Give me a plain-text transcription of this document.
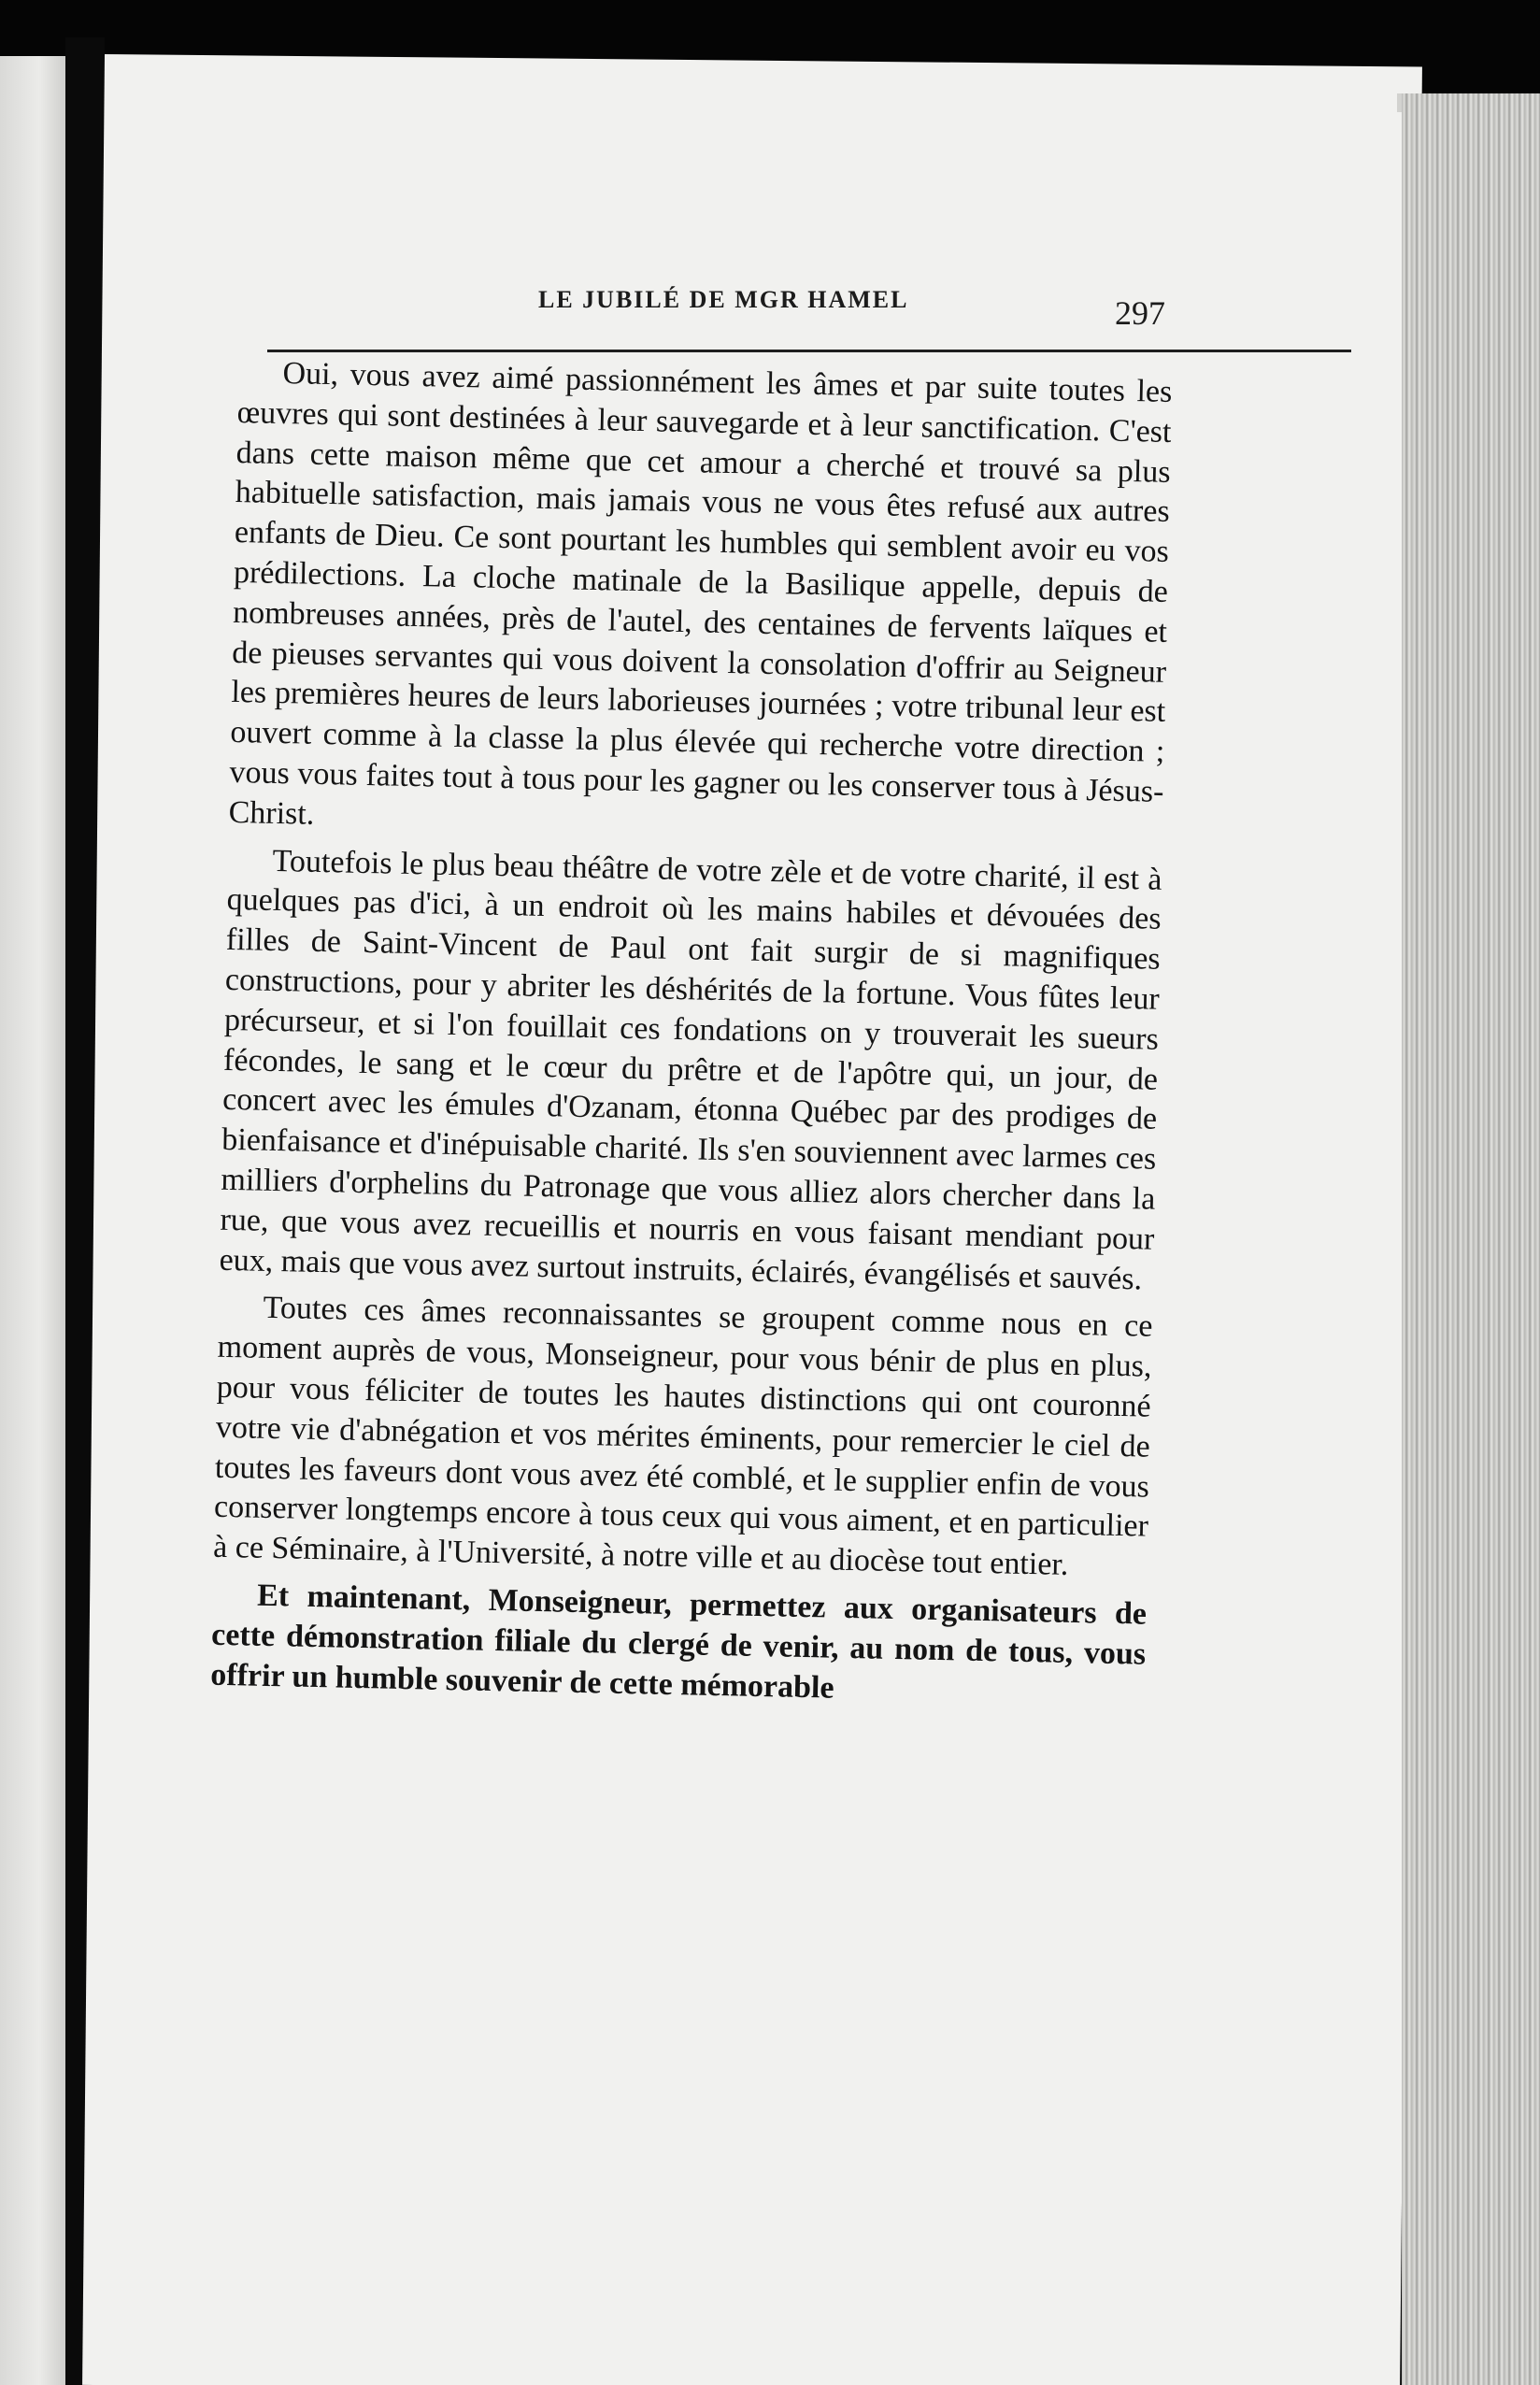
LE JUBILÉ DE MGR HAMEL	297

Oui, vous avez aimé passionnément les âmes et par suite toutes les œuvres qui sont destinées à leur sauvegarde et à leur sanctification. C'est dans cette maison même que cet amour a cherché et trouvé sa plus habituelle satisfaction, mais jamais vous ne vous êtes refusé aux autres enfants de Dieu. Ce sont pourtant les humbles qui semblent avoir eu vos prédilections. La cloche matinale de la Basilique appelle, depuis de nombreuses années, près de l'autel, des centaines de fervents laïques et de pieuses servantes qui vous doivent la consolation d'offrir au Seigneur les premières heures de leurs laborieuses journées ; votre tribunal leur est ouvert comme à la classe la plus élevée qui recherche votre direction ; vous vous faites tout à tous pour les gagner ou les conserver tous à Jésus-Christ.

Toutefois le plus beau théâtre de votre zèle et de votre charité, il est à quelques pas d'ici, à un endroit où les mains habiles et dévouées des filles de Saint-Vincent de Paul ont fait surgir de si magnifiques constructions, pour y abriter les déshérités de la fortune. Vous fûtes leur précurseur, et si l'on fouillait ces fondations on y trouverait les sueurs fécondes, le sang et le cœur du prêtre et de l'apôtre qui, un jour, de concert avec les émules d'Ozanam, étonna Québec par des prodiges de bienfaisance et d'inépuisable charité. Ils s'en souviennent avec larmes ces milliers d'orphelins du Patronage que vous alliez alors chercher dans la rue, que vous avez recueillis et nourris en vous faisant mendiant pour eux, mais que vous avez surtout instruits, éclairés, évangélisés et sauvés.

Toutes ces âmes reconnaissantes se groupent comme nous en ce moment auprès de vous, Monseigneur, pour vous bénir de plus en plus, pour vous féliciter de toutes les hautes distinctions qui ont couronné votre vie d'abnégation et vos mérites éminents, pour remercier le ciel de toutes les faveurs dont vous avez été comblé, et le supplier enfin de vous conserver longtemps encore à tous ceux qui vous aiment, et en particulier à ce Séminaire, à l'Université, à notre ville et au diocèse tout entier.

Et maintenant, Monseigneur, permettez aux organisateurs de cette démonstration filiale du clergé de venir, au nom de tous, vous offrir un humble souvenir de cette mémorable
